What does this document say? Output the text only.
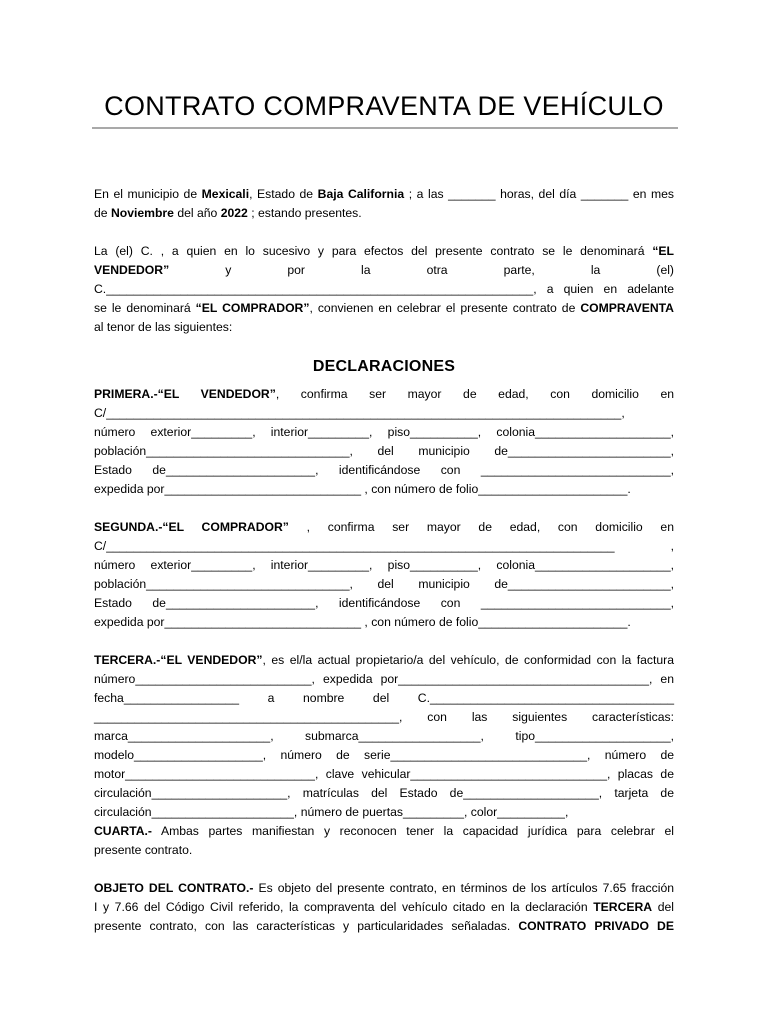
CONTRATO COMPRAVENTA DE VEHÍCULO
En el municipio de Mexicali, Estado de Baja California ; a las _______ horas, del día _______ en mes
de Noviembre del año 2022 ; estando presentes.
La (el) C. , a quien en lo sucesivo y para efectos del presente contrato se le denominará “EL
VENDEDOR” y por la otra parte, la (el)
C._______________________________________________________________, a quien en adelante
se le denominará “EL COMPRADOR”, convienen en celebrar el presente contrato de COMPRAVENTA
al tenor de las siguientes:
DECLARACIONES
PRIMERA.-“EL VENDEDOR”, confirma ser mayor de edad, con domicilio en
C/____________________________________________________________________________,
número exterior_________, interior_________, piso__________, colonia____________________,
población______________________________, del municipio de________________________,
Estado de______________________, identificándose con ____________________________,
expedida por_____________________________ , con número de folio______________________.
SEGUNDA.-“EL COMPRADOR” , confirma ser mayor de edad, con domicilio en
C/___________________________________________________________________________ ,
número exterior_________, interior_________, piso__________, colonia____________________,
población______________________________, del municipio de________________________,
Estado de______________________, identificándose con ____________________________,
expedida por_____________________________ , con número de folio______________________.
TERCERA.-“EL VENDEDOR”, es el/la actual propietario/a del vehículo, de conformidad con la factura
número__________________________, expedida por_____________________________________, en
fecha_________________ a nombre del C.____________________________________
_____________________________________________, con las siguientes características:
marca_____________________, submarca__________________, tipo____________________,
modelo___________________, número de serie_____________________________, número de
motor____________________________, clave vehicular_____________________________, placas de
circulación____________________, matrículas del Estado de____________________, tarjeta de
circulación_____________________, número de puertas_________, color__________,
CUARTA.- Ambas partes manifiestan y reconocen tener la capacidad jurídica para celebrar el
presente contrato.
OBJETO DEL CONTRATO.- Es objeto del presente contrato, en términos de los artículos 7.65 fracción
I y 7.66 del Código Civil referido, la compraventa del vehículo citado en la declaración TERCERA del
presente contrato, con las características y particularidades señaladas. CONTRATO PRIVADO DE
